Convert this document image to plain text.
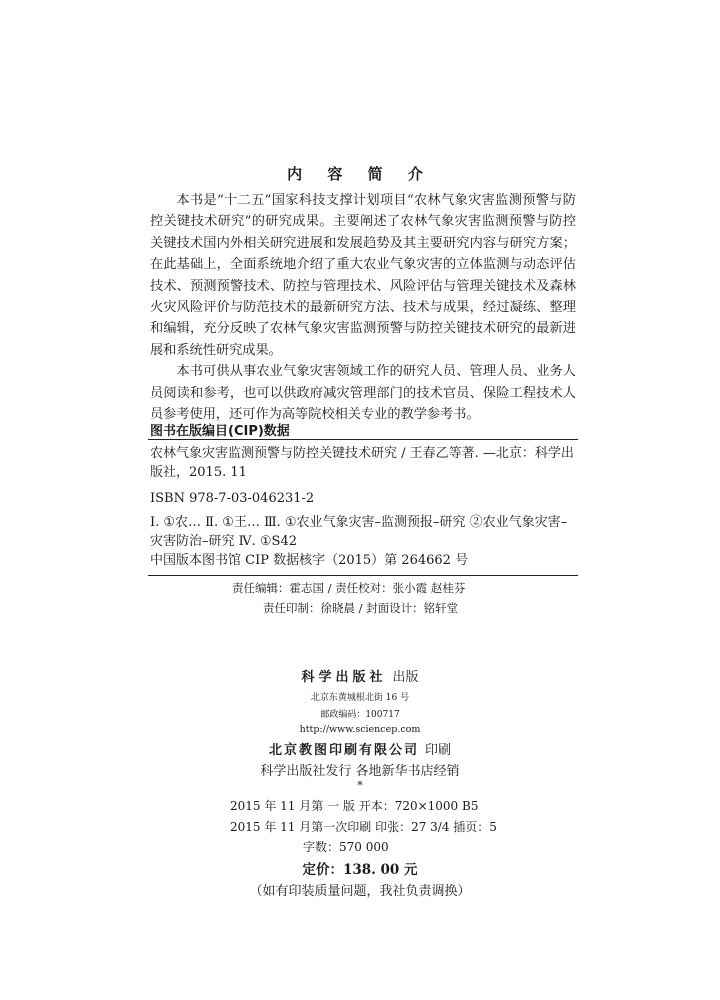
内 容 简 介

本书是“十二五”国家科技支撑计划项目“农林气象灾害监测预警与防控关键技术研究”的研究成果。主要阐述了农林气象灾害监测预警与防控关键技术国内外相关研究进展和发展趋势及其主要研究内容与研究方案；在此基础上，全面系统地介绍了重大农业气象灾害的立体监测与动态评估技术、预测预警技术、防控与管理技术、风险评估与管理关键技术及森林火灾风险评价与防范技术的最新研究方法、技术与成果，经过凝练、整理和编辑，充分反映了农林气象灾害监测预警与防控关键技术研究的最新进展和系统性研究成果。

本书可供从事农业气象灾害领域工作的研究人员、管理人员、业务人员阅读和参考，也可以供政府减灾管理部门的技术官员、保险工程技术人员参考使用，还可作为高等院校相关专业的教学参考书。

图书在版编目(CIP)数据
农林气象灾害监测预警与防控关键技术研究 / 王春乙等著. —北京：科学出版社，2015. 11
ISBN 978-7-03-046231-2
Ⅰ. ①农… Ⅱ. ①王… Ⅲ. ①农业气象灾害–监测预报–研究 ②农业气象灾害–灾害防治–研究 Ⅳ. ①S42
中国版本图书馆 CIP 数据核字（2015）第 264662 号
责任编辑：霍志国 / 责任校对：张小霞 赵桂芬
责任印制：徐晓晨 / 封面设计：铭轩堂
科学出版社 出版
北京东黄城根北街 16 号
邮政编码：100717
http://www.sciencep.com
北京教图印刷有限公司 印刷
科学出版社发行 各地新华书店经销
*
2015 年 11 月第 一 版 开本：720×1000 B5
2015 年 11 月第一次印刷 印张：27 3/4 插页：5
字数：570 000
定价：138. 00 元
（如有印装质量问题，我社负责调换）
